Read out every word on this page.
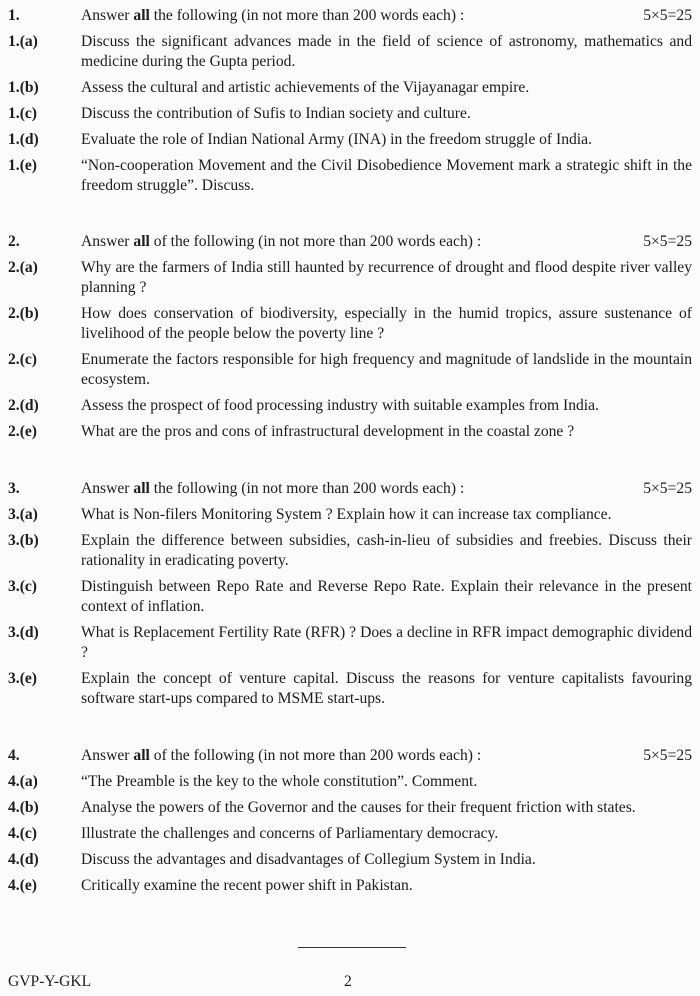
1.	Answer all the following (in not more than 200 words each) :	5×5=25
1.(a)	Discuss the significant advances made in the field of science of astronomy, mathematics and medicine during the Gupta period.
1.(b)	Assess the cultural and artistic achievements of the Vijayanagar empire.
1.(c)	Discuss the contribution of Sufis to Indian society and culture.
1.(d)	Evaluate the role of Indian National Army (INA) in the freedom struggle of India.
1.(e)	“Non-cooperation Movement and the Civil Disobedience Movement mark a strategic shift in the freedom struggle”. Discuss.
2.	Answer all of the following (in not more than 200 words each) :	5×5=25
2.(a)	Why are the farmers of India still haunted by recurrence of drought and flood despite river valley planning ?
2.(b)	How does conservation of biodiversity, especially in the humid tropics, assure sustenance of livelihood of the people below the poverty line ?
2.(c)	Enumerate the factors responsible for high frequency and magnitude of landslide in the mountain ecosystem.
2.(d)	Assess the prospect of food processing industry with suitable examples from India.
2.(e)	What are the pros and cons of infrastructural development in the coastal zone ?
3.	Answer all the following (in not more than 200 words each) :	5×5=25
3.(a)	What is Non-filers Monitoring System ? Explain how it can increase tax compliance.
3.(b)	Explain the difference between subsidies, cash-in-lieu of subsidies and freebies. Discuss their rationality in eradicating poverty.
3.(c)	Distinguish between Repo Rate and Reverse Repo Rate. Explain their relevance in the present context of inflation.
3.(d)	What is Replacement Fertility Rate (RFR) ? Does a decline in RFR impact demographic dividend ?
3.(e)	Explain the concept of venture capital. Discuss the reasons for venture capitalists favouring software start-ups compared to MSME start-ups.
4.	Answer all of the following (in not more than 200 words each) :	5×5=25
4.(a)	“The Preamble is the key to the whole constitution”. Comment.
4.(b)	Analyse the powers of the Governor and the causes for their frequent friction with states.
4.(c)	Illustrate the challenges and concerns of Parliamentary democracy.
4.(d)	Discuss the advantages and disadvantages of Collegium System in India.
4.(e)	Critically examine the recent power shift in Pakistan.
GVP-Y-GKL	2
